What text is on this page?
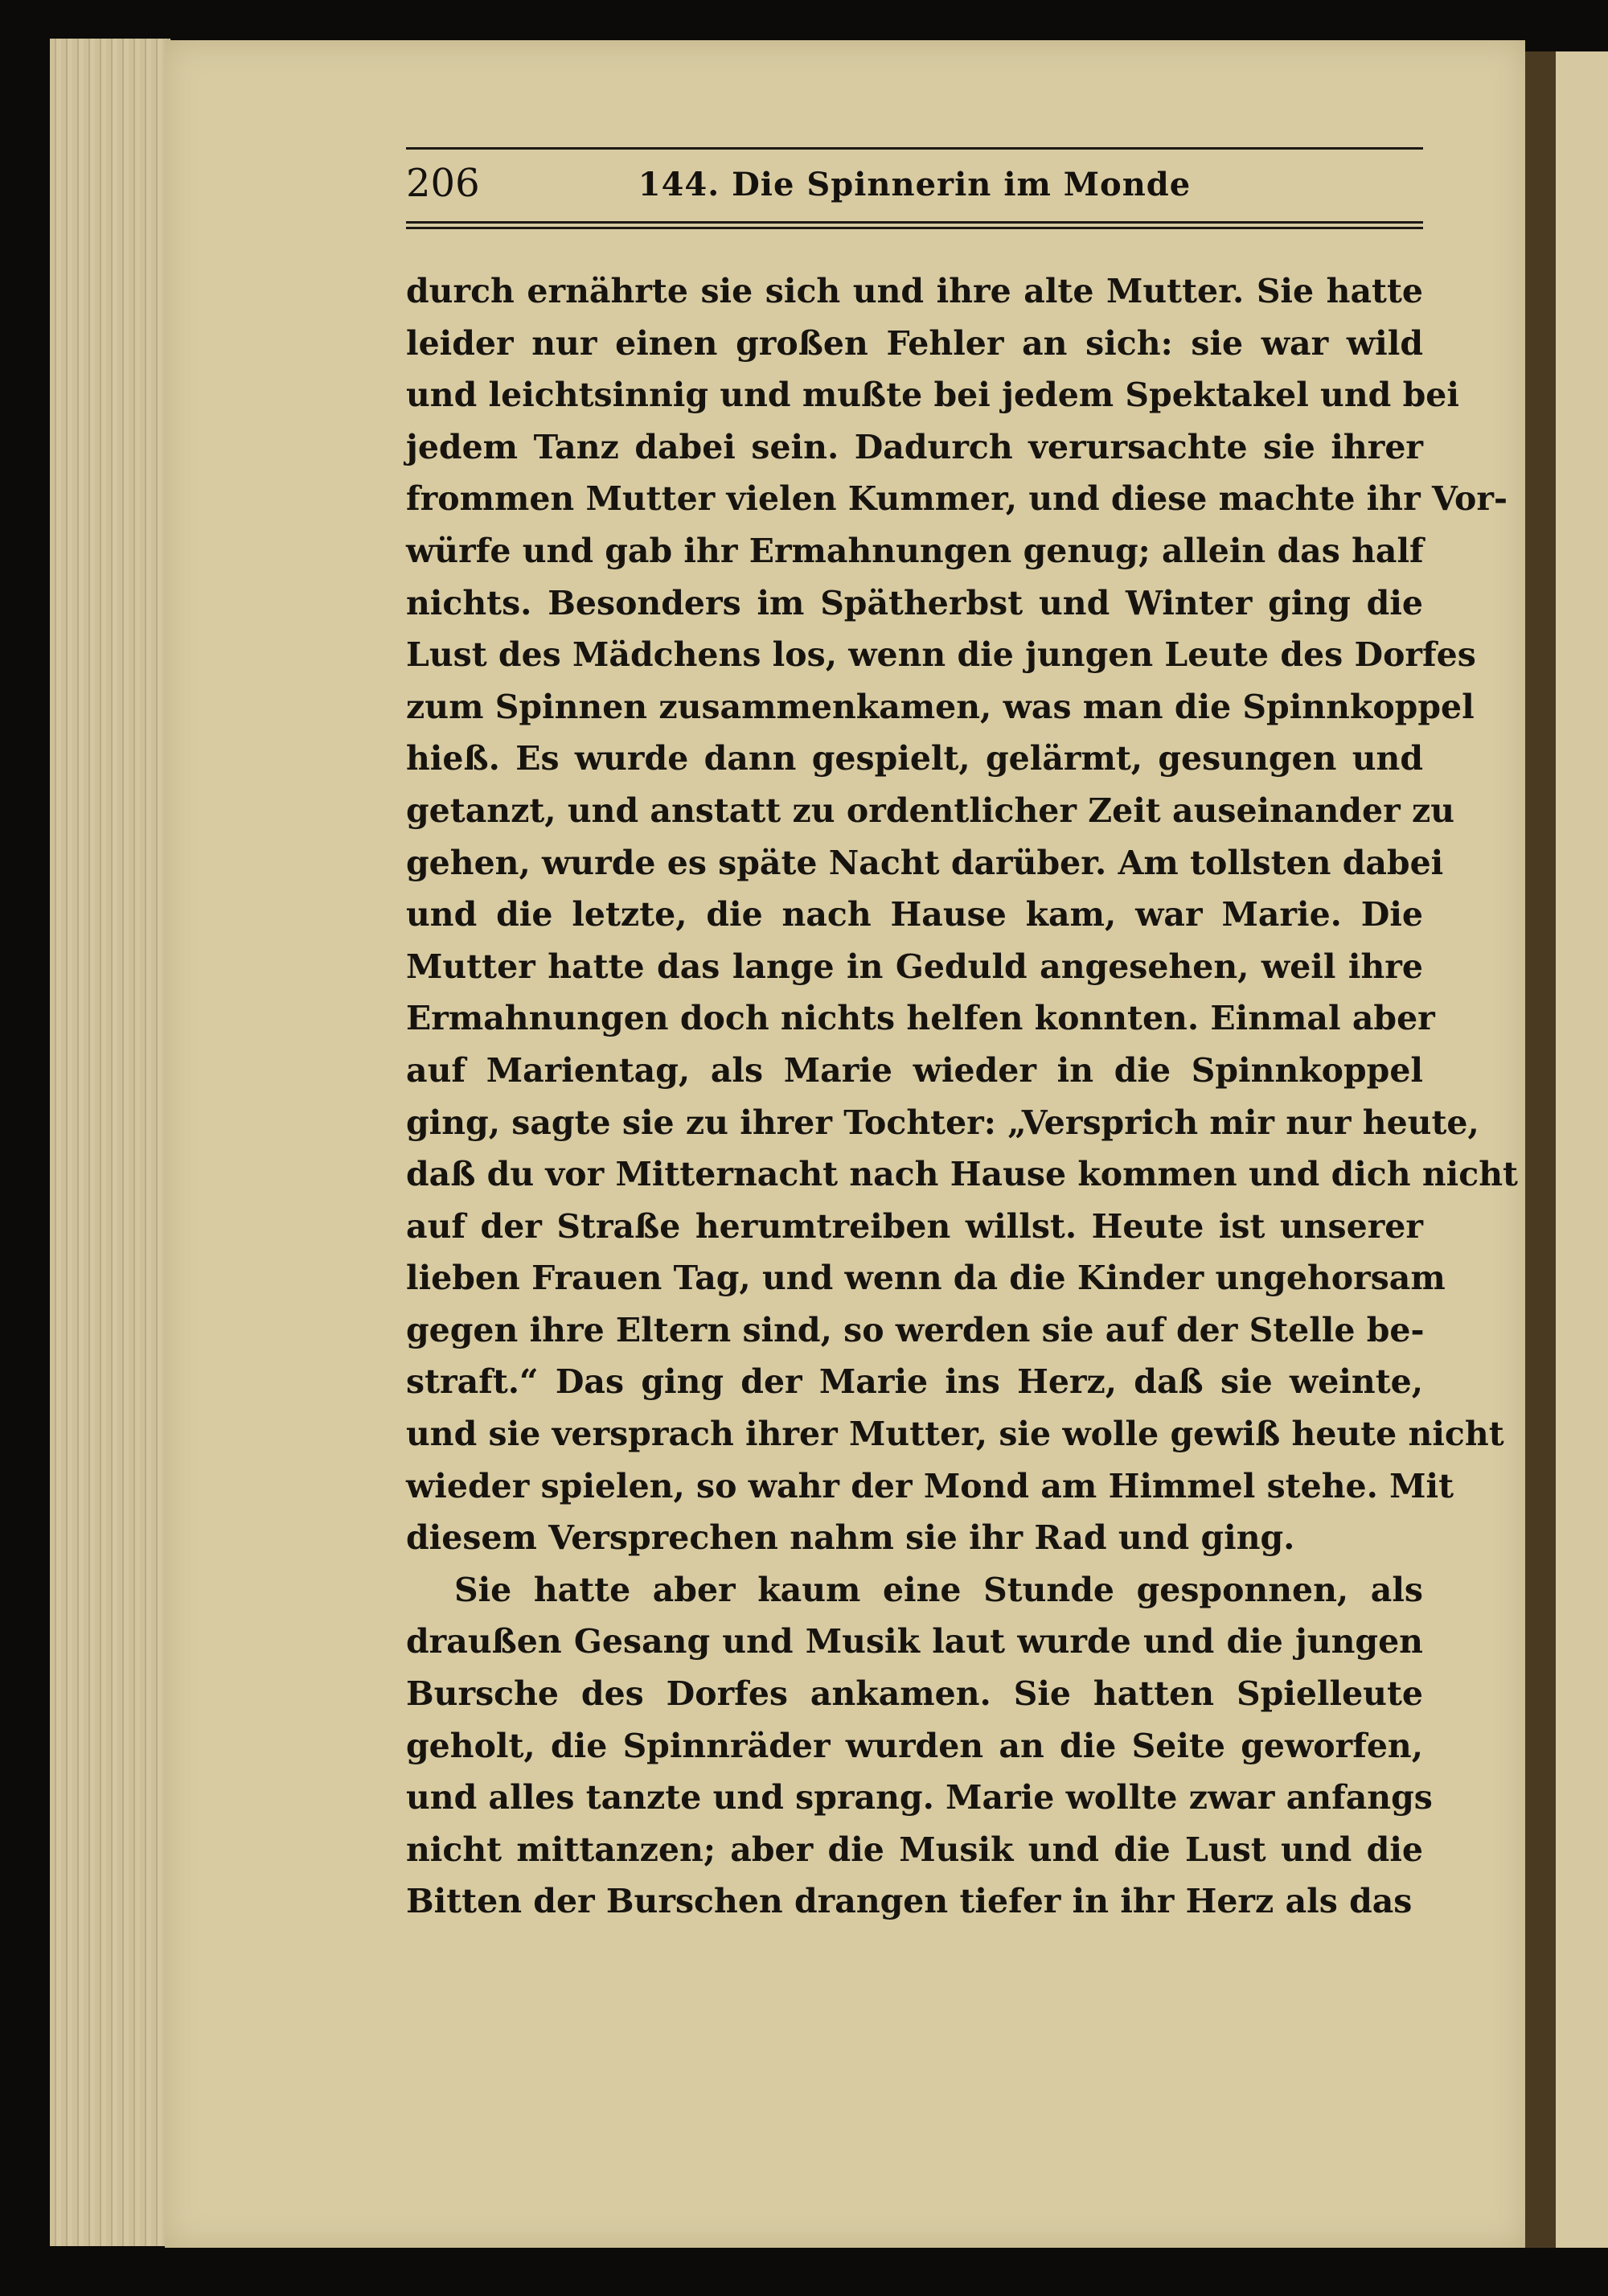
206	144. Die Spinnerin im Monde
durch ernährte sie sich und ihre alte Mutter. Sie hatte
leider nur einen großen Fehler an sich: sie war wild
und leichtsinnig und mußte bei jedem Spektakel und bei
jedem Tanz dabei sein. Dadurch verursachte sie ihrer
frommen Mutter vielen Kummer, und diese machte ihr Vor-
würfe und gab ihr Ermahnungen genug; allein das half
nichts. Besonders im Spätherbst und Winter ging die
Lust des Mädchens los, wenn die jungen Leute des Dorfes
zum Spinnen zusammenkamen, was man die Spinnkoppel
hieß. Es wurde dann gespielt, gelärmt, gesungen und
getanzt, und anstatt zu ordentlicher Zeit auseinander zu
gehen, wurde es späte Nacht darüber. Am tollsten dabei
und die letzte, die nach Hause kam, war Marie. Die
Mutter hatte das lange in Geduld angesehen, weil ihre
Ermahnungen doch nichts helfen konnten. Einmal aber
auf Marientag, als Marie wieder in die Spinnkoppel
ging, sagte sie zu ihrer Tochter: „Versprich mir nur heute,
daß du vor Mitternacht nach Hause kommen und dich nicht
auf der Straße herumtreiben willst. Heute ist unserer
lieben Frauen Tag, und wenn da die Kinder ungehorsam
gegen ihre Eltern sind, so werden sie auf der Stelle be-
straft.“ Das ging der Marie ins Herz, daß sie weinte,
und sie versprach ihrer Mutter, sie wolle gewiß heute nicht
wieder spielen, so wahr der Mond am Himmel stehe. Mit
diesem Versprechen nahm sie ihr Rad und ging.
Sie hatte aber kaum eine Stunde gesponnen, als
draußen Gesang und Musik laut wurde und die jungen
Bursche des Dorfes ankamen. Sie hatten Spielleute
geholt, die Spinnräder wurden an die Seite geworfen,
und alles tanzte und sprang. Marie wollte zwar anfangs
nicht mittanzen; aber die Musik und die Lust und die
Bitten der Burschen drangen tiefer in ihr Herz als das
